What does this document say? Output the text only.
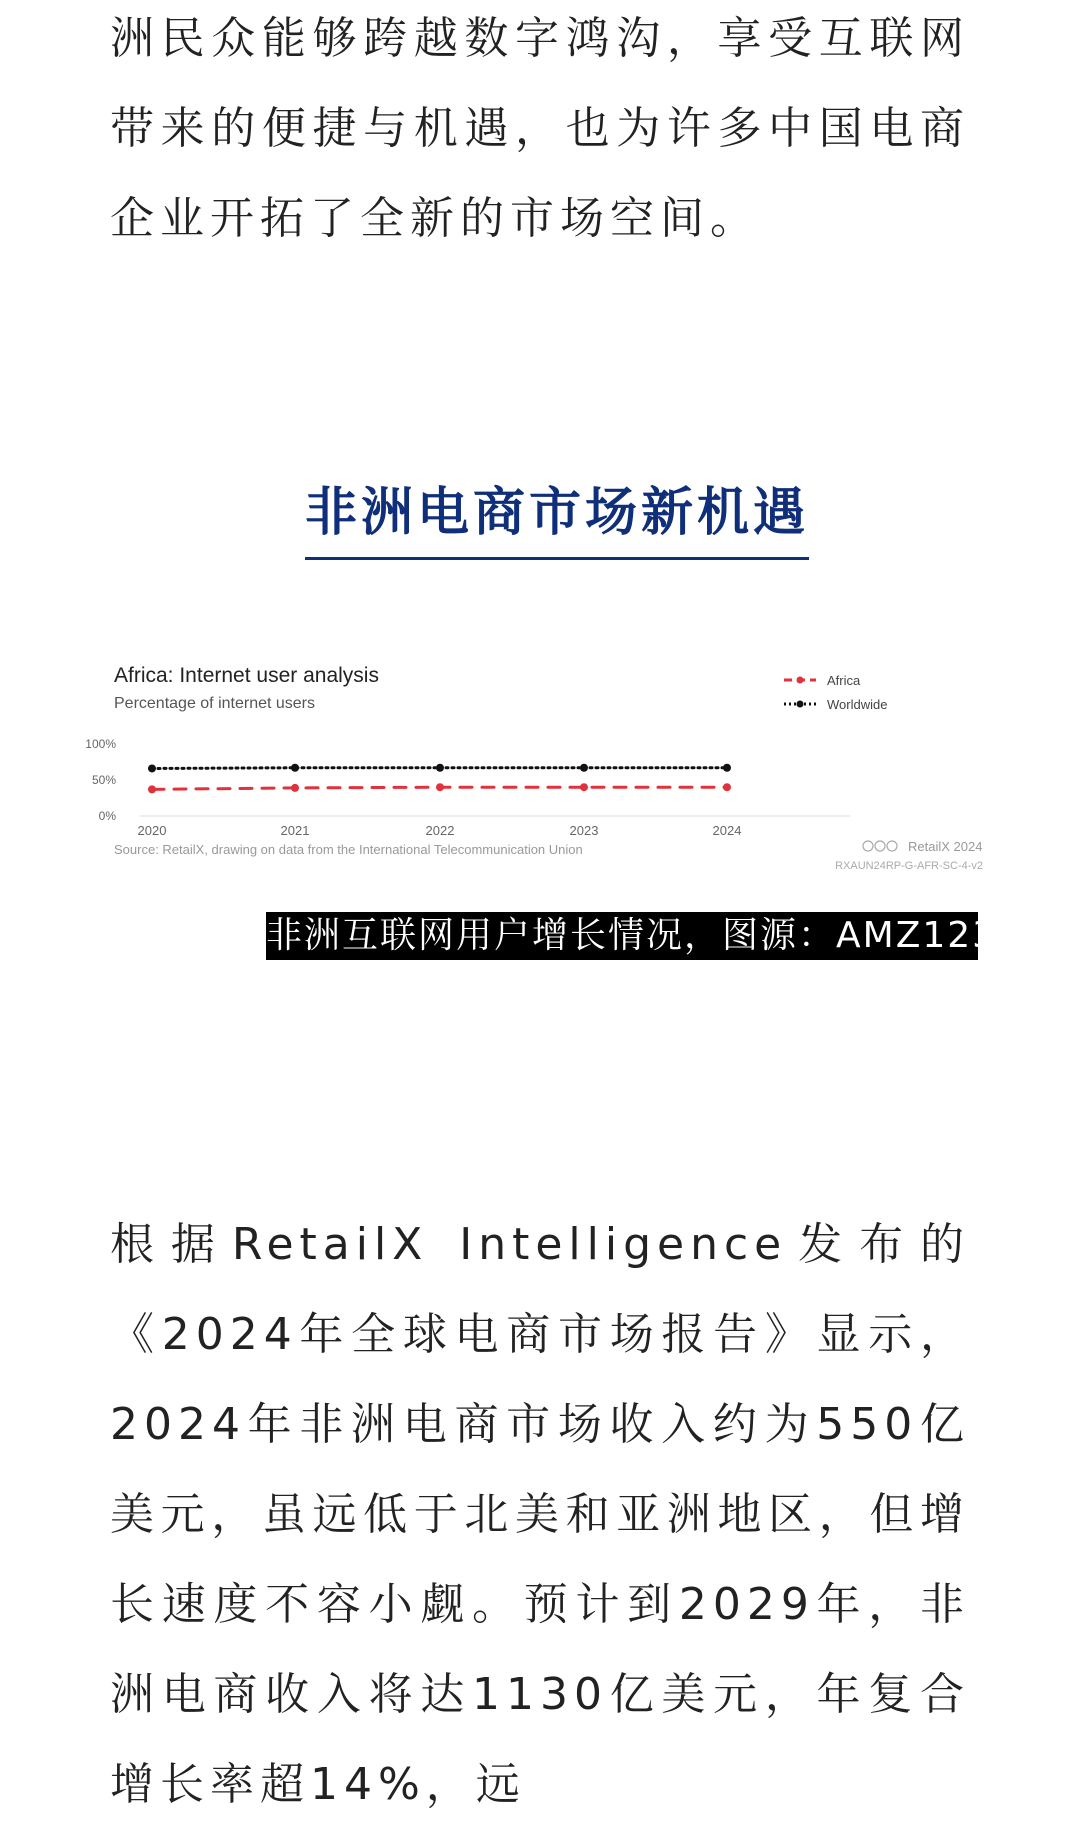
洲民众能够跨越数字鸿沟，享受互联网带来的便捷与机遇，也为许多中国电商企业开拓了全新的市场空间。
非洲电商市场新机遇
Africa: Internet user analysis
Percentage of internet users
100%
50%
0%
2020	2021	2022	2023	2024
Africa
Worldwide
Source: RetailX, drawing on data from the International Telecommunication Union	RetailX 2024
RXAUN24RP-G-AFR-SC-4-v2
非洲互联网用户增长情况，图源：AMZ123
根据RetailX Intelligence发布的《2024年全球电商市场报告》显示，2024年非洲电商市场收入约为550亿美元，虽远低于北美和亚洲地区，但增长速度不容小觑。预计到2029年，非洲电商收入将达1130亿美元，年复合增长率超14%，远
